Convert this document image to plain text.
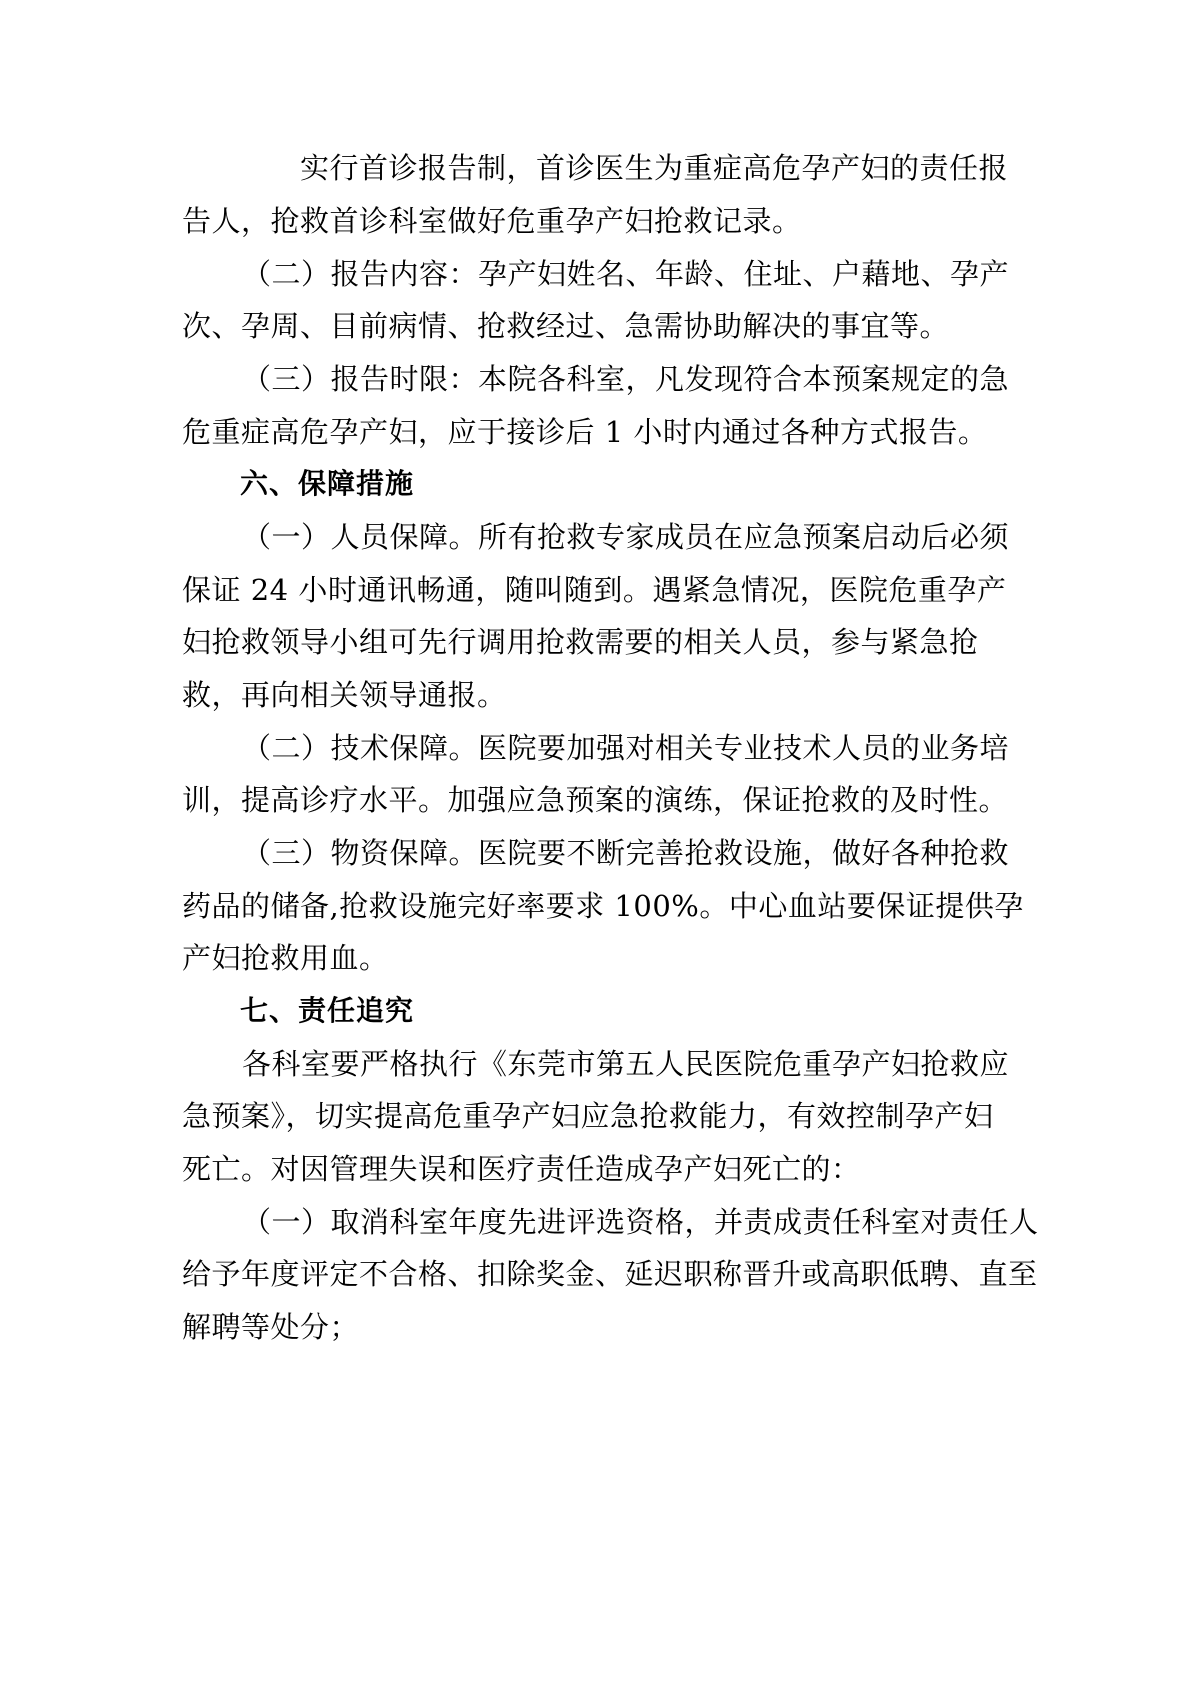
实行首诊报告制，首诊医生为重症高危孕产妇的责任报
告人，抢救首诊科室做好危重孕产妇抢救记录。
（二）报告内容：孕产妇姓名、年龄、住址、户藉地、孕产
次、孕周、目前病情、抢救经过、急需协助解决的事宜等。
（三）报告时限：本院各科室，凡发现符合本预案规定的急
危重症高危孕产妇，应于接诊后 1 小时内通过各种方式报告。
六、保障措施
（一）人员保障。所有抢救专家成员在应急预案启动后必须
保证 24 小时通讯畅通，随叫随到。遇紧急情况，医院危重孕产
妇抢救领导小组可先行调用抢救需要的相关人员，参与紧急抢
救，再向相关领导通报。
（二）技术保障。医院要加强对相关专业技术人员的业务培
训，提高诊疗水平。加强应急预案的演练，保证抢救的及时性。
（三）物资保障。医院要不断完善抢救设施，做好各种抢救
药品的储备,抢救设施完好率要求 100%。中心血站要保证提供孕
产妇抢救用血。
七、责任追究
各科室要严格执行《东莞市第五人民医院危重孕产妇抢救应
急预案》，切实提高危重孕产妇应急抢救能力，有效控制孕产妇
死亡。对因管理失误和医疗责任造成孕产妇死亡的：
（一）取消科室年度先进评选资格，并责成责任科室对责任人
给予年度评定不合格、扣除奖金、延迟职称晋升或高职低聘、直至
解聘等处分；
